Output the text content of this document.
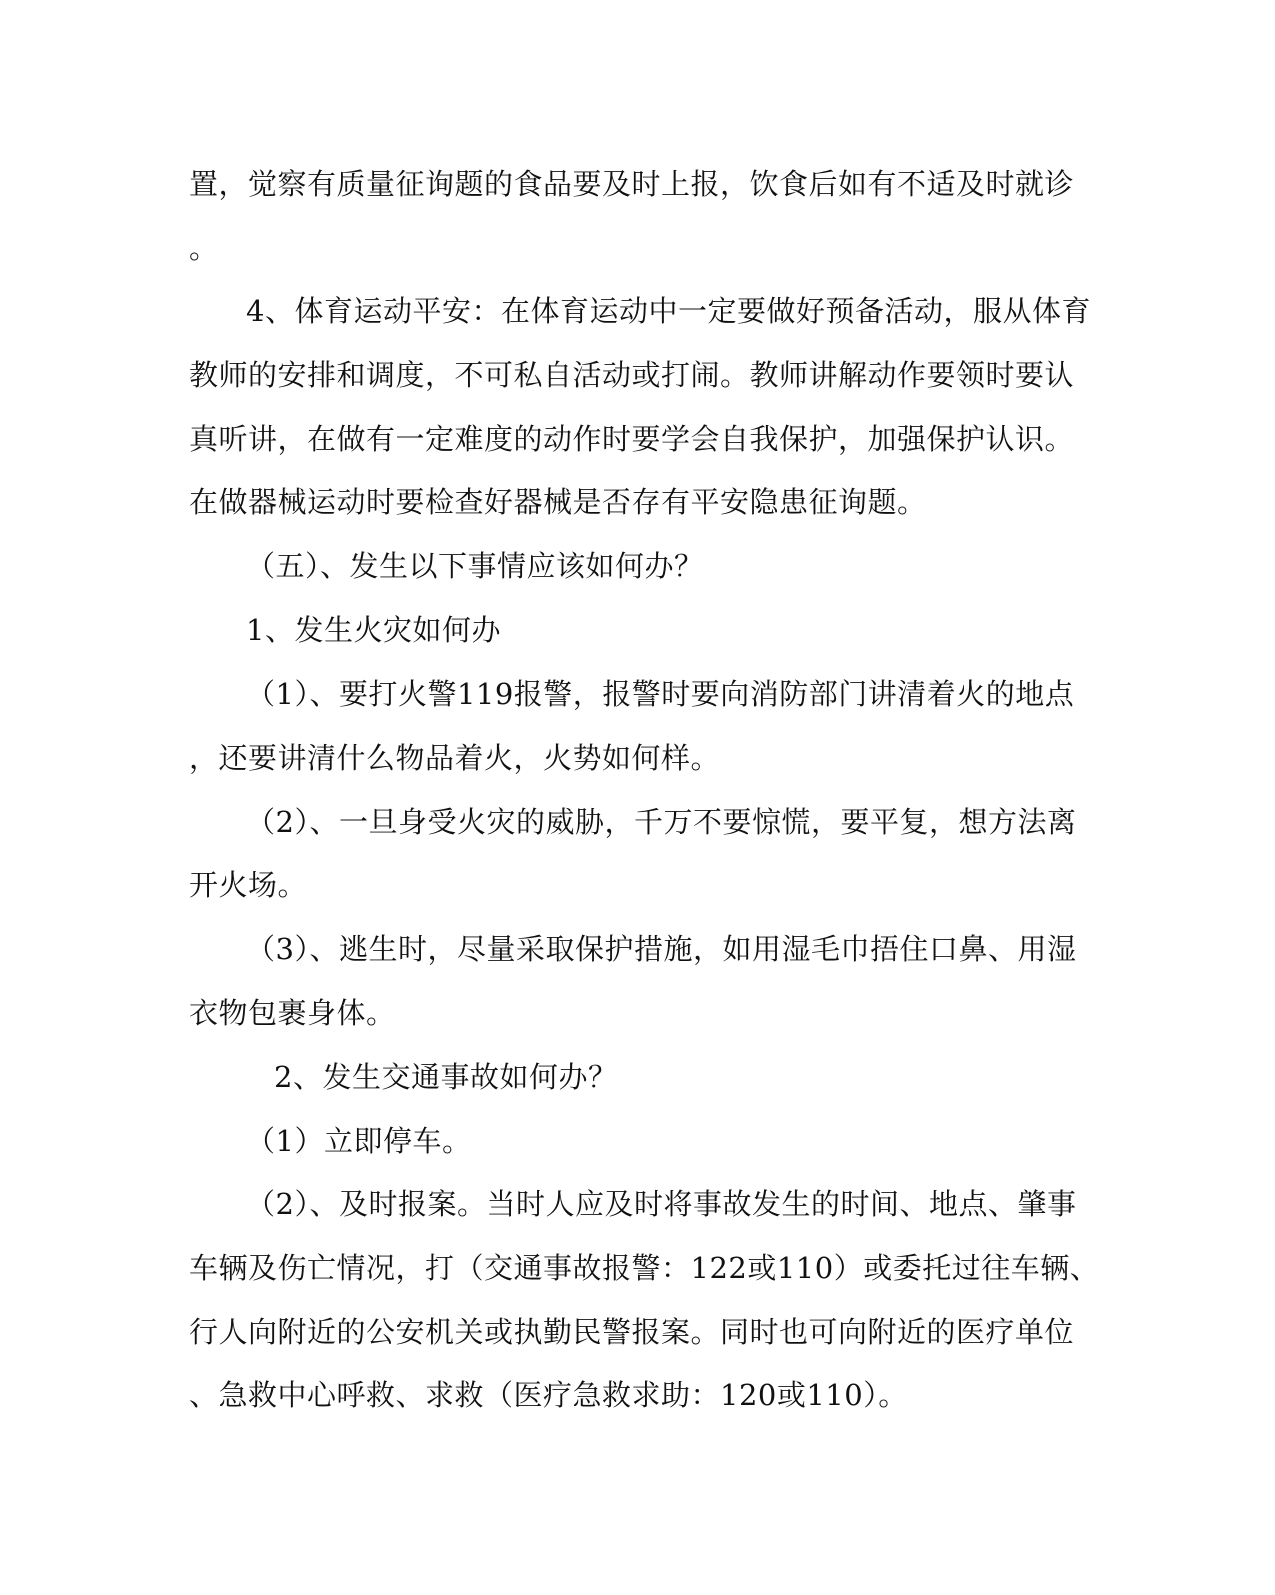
置，觉察有质量征询题的食品要及时上报，饮食后如有不适及时就诊
。
4、体育运动平安：在体育运动中一定要做好预备活动，服从体育
教师的安排和调度，不可私自活动或打闹。教师讲解动作要领时要认
真听讲，在做有一定难度的动作时要学会自我保护，加强保护认识。
在做器械运动时要检查好器械是否存有平安隐患征询题。
（五）、发生以下事情应该如何办？
1、发生火灾如何办
（1）、要打火警119报警，报警时要向消防部门讲清着火的地点
，还要讲清什么物品着火，火势如何样。
（2）、一旦身受火灾的威胁，千万不要惊慌，要平复，想方法离
开火场。
（3）、逃生时，尽量采取保护措施，如用湿毛巾捂住口鼻、用湿
衣物包裹身体。
2、发生交通事故如何办？
（1）立即停车。
（2）、及时报案。当时人应及时将事故发生的时间、地点、肇事
车辆及伤亡情况，打（交通事故报警：122或110）或委托过往车辆、
行人向附近的公安机关或执勤民警报案。同时也可向附近的医疗单位
、急救中心呼救、求救（医疗急救求助：120或110）。
